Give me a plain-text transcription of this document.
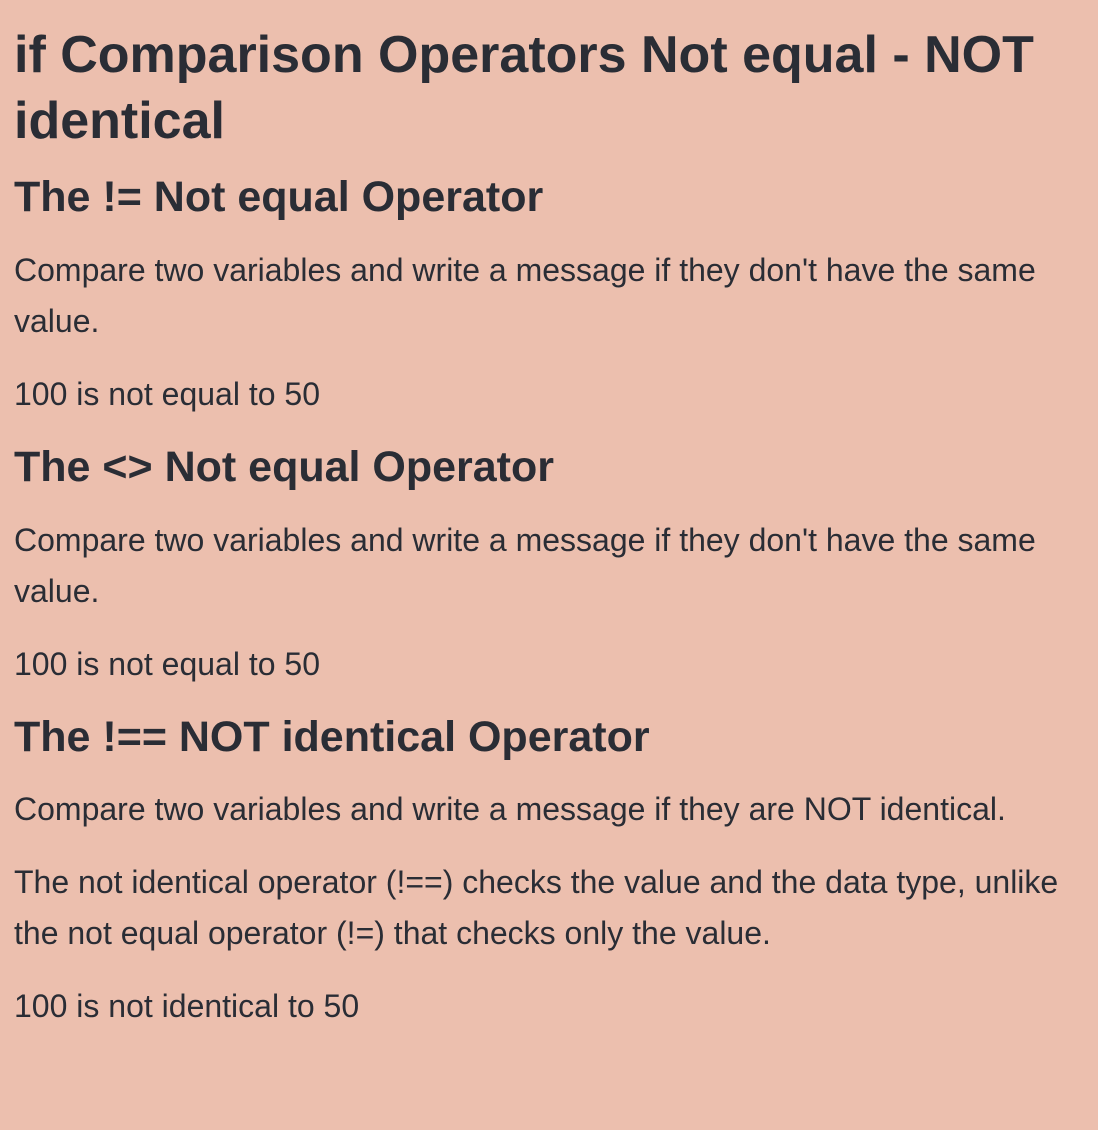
if Comparison Operators Not equal - NOT identical
The != Not equal Operator

Compare two variables and write a message if they don't have the same value.

100 is not equal to 50

The <> Not equal Operator

Compare two variables and write a message if they don't have the same value.

100 is not equal to 50

The !== NOT identical Operator

Compare two variables and write a message if they are NOT identical.

The not identical operator (!==) checks the value and the data type, unlike the not equal operator (!=) that checks only the value.

100 is not identical to 50
